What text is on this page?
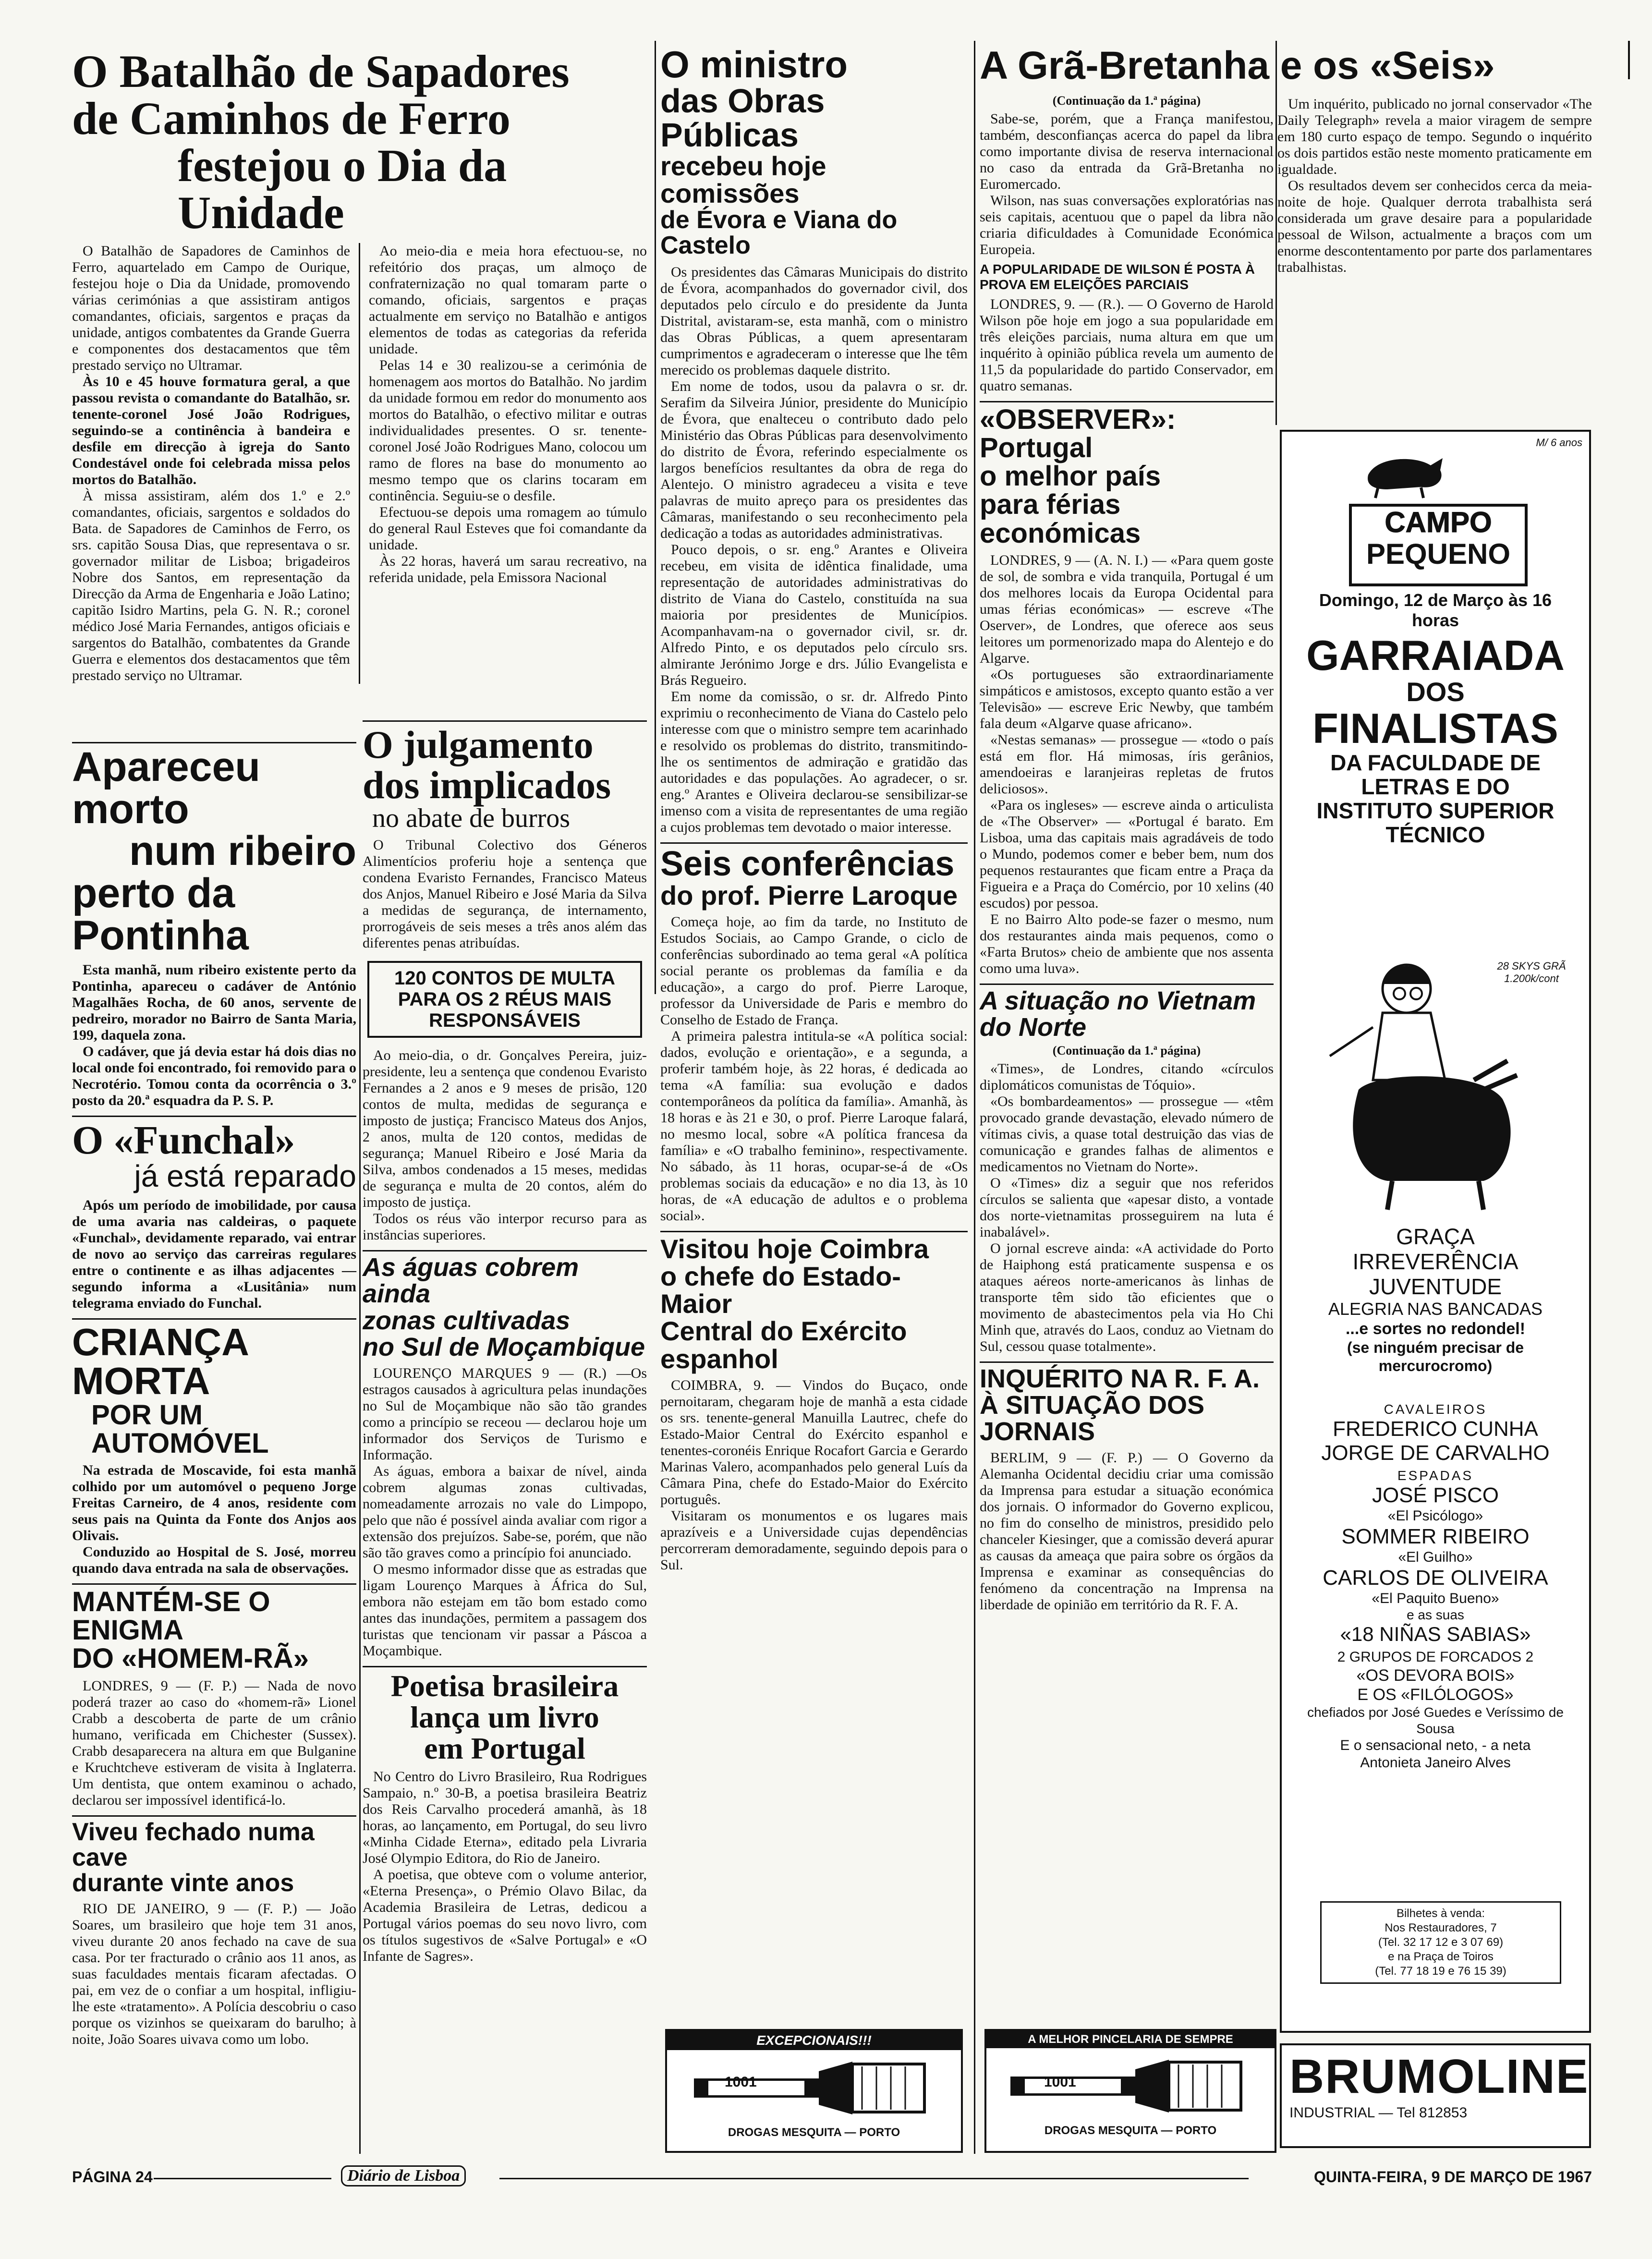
O Batalhão de Sapadores
de Caminhos de Ferro
festejou o Dia da Unidade

O Batalhão de Sapadores de Caminhos de Ferro, aquartelado em Campo de Ourique, festejou hoje o Dia da Unidade, promovendo várias cerimónias a que assistiram antigos comandantes, oficiais, sargentos e praças da unidade, antigos combatentes da Grande Guerra e componentes dos destacamentos que têm prestado serviço no Ultramar.

Às 10 e 45 houve formatura geral, a que passou revista o comandante do Batalhão, sr. tenente-coronel José João Rodrigues, seguindo-se a continência à bandeira e desfile em direcção à igreja do Santo Condestável onde foi celebrada missa pelos mortos do Batalhão.

À missa assistiram, além dos 1.º e 2.º comandantes, oficiais, sargentos e soldados do Bata. de Sapadores de Caminhos de Ferro, os srs. capitão Sousa Dias, que representava o sr. governador militar de Lisboa; brigadeiros Nobre dos Santos, em representação da Direcção da Arma de Engenharia e João Latino; capitão Isidro Martins, pela G. N. R.; coronel médico José Maria Fernandes, antigos oficiais e sargentos do Batalhão, combatentes da Grande Guerra e elementos dos destacamentos que têm prestado serviço no Ultramar.

Ao meio-dia e meia hora efectuou-se, no refeitório dos praças, um almoço de confraternização no qual tomaram parte o comando, oficiais, sargentos e praças actualmente em serviço no Batalhão e antigos elementos de todas as categorias da referida unidade.

Pelas 14 e 30 realizou-se a cerimónia de homenagem aos mortos do Batalhão. No jardim da unidade formou em redor do monumento aos mortos do Batalhão, o efectivo militar e outras individualidades presentes. O sr. tenente-coronel José João Rodrigues Mano, colocou um ramo de flores na base do monumento ao mesmo tempo que os clarins tocaram em continência. Seguiu-se o desfile.

Efectuou-se depois uma romagem ao túmulo do general Raul Esteves que foi comandante da unidade.

Às 22 horas, haverá um sarau recreativo, na referida unidade, pela Emissora Nacional

Apareceu morto
num ribeiro
perto da Pontinha

Esta manhã, num ribeiro existente perto da Pontinha, apareceu o cadáver de António Magalhães Rocha, de 60 anos, servente de pedreiro, morador no Bairro de Santa Maria, 199, daquela zona.

O cadáver, que já devia estar há dois dias no local onde foi encontrado, foi removido para o Necrotério. Tomou conta da ocorrência o 3.º posto da 20.ª esquadra da P. S. P.

O «Funchal»
já está reparado

Após um período de imobilidade, por causa de uma avaria nas caldeiras, o paquete «Funchal», devidamente reparado, vai entrar de novo ao serviço das carreiras regulares entre o continente e as ilhas adjacentes — segundo informa a «Lusitânia» num telegrama enviado do Funchal.

CRIANÇA MORTA
POR UM AUTOMÓVEL

Na estrada de Moscavide, foi esta manhã colhido por um automóvel o pequeno Jorge Freitas Carneiro, de 4 anos, residente com seus pais na Quinta da Fonte dos Anjos aos Olivais.

Conduzido ao Hospital de S. José, morreu quando dava entrada na sala de observações.

MANTÉM-SE O ENIGMA
DO «HOMEM-RÃ»

LONDRES, 9 — (F. P.) — Nada de novo poderá trazer ao caso do «homem-rã» Lionel Crabb a descoberta de parte de um crânio humano, verificada em Chichester (Sussex). Crabb desaparecera na altura em que Bulganine e Kruchtcheve estiveram de visita à Inglaterra. Um dentista, que ontem examinou o achado, declarou ser impossível identificá-lo.

Viveu fechado numa cave
durante vinte anos

RIO DE JANEIRO, 9 — (F. P.) — João Soares, um brasileiro que hoje tem 31 anos, viveu durante 20 anos fechado na cave de sua casa. Por ter fracturado o crânio aos 11 anos, as suas faculdades mentais ficaram afectadas. O pai, em vez de o confiar a um hospital, infligiu-lhe este «tratamento». A Polícia descobriu o caso porque os vizinhos se queixaram do barulho; à noite, João Soares uivava como um lobo.

O julgamento
dos implicados
no abate de burros

O Tribunal Colectivo dos Géneros Alimentícios proferiu hoje a sentença que condena Evaristo Fernandes, Francisco Mateus dos Anjos, Manuel Ribeiro e José Maria da Silva a medidas de segurança, de internamento, prorrogáveis de seis meses a três anos além das diferentes penas atribuídas.

120 CONTOS DE MULTA PARA OS 2 RÉUS MAIS RESPONSÁVEIS

Ao meio-dia, o dr. Gonçalves Pereira, juiz-presidente, leu a sentença que condenou Evaristo Fernandes a 2 anos e 9 meses de prisão, 120 contos de multa, medidas de segurança e imposto de justiça; Francisco Mateus dos Anjos, 2 anos, multa de 120 contos, medidas de segurança; Manuel Ribeiro e José Maria da Silva, ambos condenados a 15 meses, medidas de segurança e multa de 20 contos, além do imposto de justiça.

Todos os réus vão interpor recurso para as instâncias superiores.

As águas cobrem ainda
zonas cultivadas
no Sul de Moçambique

LOURENÇO MARQUES 9 — (R.) —Os estragos causados à agricultura pelas inundações no Sul de Moçambique não são tão grandes como a princípio se receou — declarou hoje um informador dos Serviços de Turismo e Informação.

As águas, embora a baixar de nível, ainda cobrem algumas zonas cultivadas, nomeadamente arrozais no vale do Limpopo, pelo que não é possível ainda avaliar com rigor a extensão dos prejuízos. Sabe-se, porém, que não são tão graves como a princípio foi anunciado.

O mesmo informador disse que as estradas que ligam Lourenço Marques à África do Sul, embora não estejam em tão bom estado como antes das inundações, permitem a passagem dos turistas que tencionam vir passar a Páscoa a Moçambique.

Poetisa brasileira
lança um livro
em Portugal

No Centro do Livro Brasileiro, Rua Rodrigues Sampaio, n.º 30-B, a poetisa brasileira Beatriz dos Reis Carvalho procederá amanhã, às 18 horas, ao lançamento, em Portugal, do seu livro «Minha Cidade Eterna», editado pela Livraria José Olympio Editora, do Rio de Janeiro.

A poetisa, que obteve com o volume anterior, «Eterna Presença», o Prémio Olavo Bilac, da Academia Brasileira de Letras, dedicou a Portugal vários poemas do seu novo livro, com os títulos sugestivos de «Salve Portugal» e «O Infante de Sagres».

O ministro
das Obras Públicas
recebeu hoje comissões
de Évora e Viana do Castelo

Os presidentes das Câmaras Municipais do distrito de Évora, acompanhados do governador civil, dos deputados pelo círculo e do presidente da Junta Distrital, avistaram-se, esta manhã, com o ministro das Obras Públicas, a quem apresentaram cumprimentos e agradeceram o interesse que lhe têm merecido os problemas daquele distrito.

Em nome de todos, usou da palavra o sr. dr. Serafim da Silveira Júnior, presidente do Município de Évora, que enalteceu o contributo dado pelo Ministério das Obras Públicas para desenvolvimento do distrito de Évora, referindo especialmente os largos benefícios resultantes da obra de rega do Alentejo. O ministro agradeceu a visita e teve palavras de muito apreço para os presidentes das Câmaras, manifestando o seu reconhecimento pela dedicação a todas as autoridades administrativas.

Pouco depois, o sr. eng.º Arantes e Oliveira recebeu, em visita de idêntica finalidade, uma representação de autoridades administrativas do distrito de Viana do Castelo, constituída na sua maioria por presidentes de Municípios. Acompanhavam-na o governador civil, sr. dr. Alfredo Pinto, e os deputados pelo círculo srs. almirante Jerónimo Jorge e drs. Júlio Evangelista e Brás Regueiro.

Em nome da comissão, o sr. dr. Alfredo Pinto exprimiu o reconhecimento de Viana do Castelo pelo interesse com que o ministro sempre tem acarinhado e resolvido os problemas do distrito, transmitindo-lhe os sentimentos de admiração e gratidão das autoridades e das populações. Ao agradecer, o sr. eng.º Arantes e Oliveira declarou-se sensibilizar-se imenso com a visita de representantes de uma região a cujos problemas tem devotado o maior interesse.

Seis conferências
do prof. Pierre Laroque

Começa hoje, ao fim da tarde, no Instituto de Estudos Sociais, ao Campo Grande, o ciclo de conferências subordinado ao tema geral «A política social perante os problemas da família e da educação», a cargo do prof. Pierre Laroque, professor da Universidade de Paris e membro do Conselho de Estado de França.

A primeira palestra intitula-se «A política social: dados, evolução e orientação», e a segunda, a proferir também hoje, às 22 horas, é dedicada ao tema «A família: sua evolução e dados contemporâneos da política da família». Amanhã, às 18 horas e às 21 e 30, o prof. Pierre Laroque falará, no mesmo local, sobre «A política francesa da família» e «O trabalho feminino», respectivamente. No sábado, às 11 horas, ocupar-se-á de «Os problemas sociais da educação» e no dia 13, às 10 horas, de «A educação de adultos e o problema social».

Visitou hoje Coimbra
o chefe do Estado-Maior
Central do Exército
espanhol

COIMBRA, 9. — Vindos do Buçaco, onde pernoitaram, chegaram hoje de manhã a esta cidade os srs. tenente-general Manuilla Lautrec, chefe do Estado-Maior Central do Exército espanhol e tenentes-coronéis Enrique Rocafort Garcia e Gerardo Marinas Valero, acompanhados pelo general Luís da Câmara Pina, chefe do Estado-Maior do Exército português.

Visitaram os monumentos e os lugares mais aprazíveis e a Universidade cujas dependências percorreram demoradamente, seguindo depois para o Sul.

EXCEPCIONAIS!!!
1001
DROGAS MESQUITA — PORTO
A Grã-Bretanha e os «Seis»
(Continuação da 1.ª página)

Sabe-se, porém, que a França manifestou, também, desconfianças acerca do papel da libra como importante divisa de reserva internacional no caso da entrada da Grã-Bretanha no Euromercado.

Wilson, nas suas conversações exploratórias nas seis capitais, acentuou que o papel da libra não criaria dificuldades à Comunidade Económica Europeia.

A POPULARIDADE DE WILSON É POSTA À PROVA EM ELEIÇÕES PARCIAIS

LONDRES, 9. — (R.). — O Governo de Harold Wilson põe hoje em jogo a sua popularidade em três eleições parciais, numa altura em que um inquérito à opinião pública revela um aumento de 11,5 da popularidade do partido Conservador, em quatro semanas.

«OBSERVER»: Portugal
o melhor país
para férias económicas

LONDRES, 9 — (A. N. I.) — «Para quem goste de sol, de sombra e vida tranquila, Portugal é um dos melhores locais da Europa Ocidental para umas férias económicas» — escreve «The Oserver», de Londres, que oferece aos seus leitores um pormenorizado mapa do Alentejo e do Algarve.

«Os portugueses são extraordinariamente simpáticos e amistosos, excepto quanto estão a ver Televisão» — escreve Eric Newby, que também fala deum «Algarve quase africano».

«Nestas semanas» — prossegue — «todo o país está em flor. Há mimosas, íris gerânios, amendoeiras e laranjeiras repletas de frutos deliciosos».

«Para os ingleses» — escreve ainda o articulista de «The Observer» — «Portugal é barato. Em Lisboa, uma das capitais mais agradáveis de todo o Mundo, podemos comer e beber bem, num dos pequenos restaurantes que ficam entre a Praça da Figueira e a Praça do Comércio, por 10 xelins (40 escudos) por pessoa.

E no Bairro Alto pode-se fazer o mesmo, num dos restaurantes ainda mais pequenos, como o «Farta Brutos» cheio de ambiente que nos assenta como uma luva».

A situação no Vietnam
do Norte
(Continuação da 1.ª página)

«Times», de Londres, citando «círculos diplomáticos comunistas de Tóquio».

«Os bombardeamentos» — prossegue — «têm provocado grande devastação, elevado número de vítimas civis, a quase total destruição das vias de comunicação e grandes falhas de alimentos e medicamentos no Vietnam do Norte».

O «Times» diz a seguir que nos referidos círculos se salienta que «apesar disto, a vontade dos norte-vietnamitas prosseguirem na luta é inabalável».

O jornal escreve ainda: «A actividade do Porto de Haiphong está praticamente suspensa e os ataques aéreos norte-americanos às linhas de transporte têm sido tão eficientes que o movimento de abastecimentos pela via Ho Chi Minh que, através do Laos, conduz ao Vietnam do Sul, cessou quase totalmente».

INQUÉRITO NA R. F. A.
À SITUAÇÃO DOS JORNAIS

BERLIM, 9 — (F. P.) — O Governo da Alemanha Ocidental decidiu criar uma comissão da Imprensa para estudar a situação económica dos jornais. O informador do Governo explicou, no fim do conselho de ministros, presidido pelo chanceler Kiesinger, que a comissão deverá apurar as causas da ameaça que paira sobre os órgãos da Imprensa e examinar as consequências do fenómeno da concentração na Imprensa na liberdade de opinião em território da R. F. A.

A MELHOR PINCELARIA DE SEMPRE
1001
DROGAS MESQUITA — PORTO

Um inquérito, publicado no jornal conservador «The Daily Telegraph» revela a maior viragem de sempre em 180 curto espaço de tempo. Segundo o inquérito os dois partidos estão neste momento praticamente em igualdade.

Os resultados devem ser conhecidos cerca da meia-noite de hoje. Qualquer derrota trabalhista será considerada um grave desaire para a popularidade pessoal de Wilson, actualmente a braços com um enorme descontentamento por parte dos parlamentares trabalhistas.

M/ 6 anos
CAMPO
PEQUENO
Domingo, 12 de Março às 16 horas
GARRAIADA
DOS
FINALISTAS
DA FACULDADE DE LETRAS E DO
INSTITUTO SUPERIOR TÉCNICO
28 SKYS GRÃ 1.200k/cont
GRAÇA
IRREVERÊNCIA
JUVENTUDE
ALEGRIA NAS BANCADAS
...e sortes no redondel!
(se ninguém precisar de mercurocromo)
CAVALEIROS
FREDERICO CUNHA
JORGE DE CARVALHO
ESPADAS
JOSÉ PISCO
«El Psicólogo»
SOMMER RIBEIRO
«El Guilho»
CARLOS DE OLIVEIRA
«El Paquito Bueno»
e as suas
«18 NIÑAS SABIAS»
2 GRUPOS DE FORCADOS 2
«OS DEVORA BOIS»
E OS «FILÓLOGOS»
chefiados por José Guedes e Veríssimo de Sousa
E o sensacional neto, - a neta
Antonieta Janeiro Alves
Bilhetes à venda:
Nos Restauradores, 7
(Tel. 32 17 12 e 3 07 69)
e na Praça de Toiros
(Tel. 77 18 19 e 76 15 39)
BRUMOLINE
INDUSTRIAL — Tel 812853
PÁGINA 24	Diário de Lisboa	QUINTA-FEIRA, 9 DE MARÇO DE 1967
